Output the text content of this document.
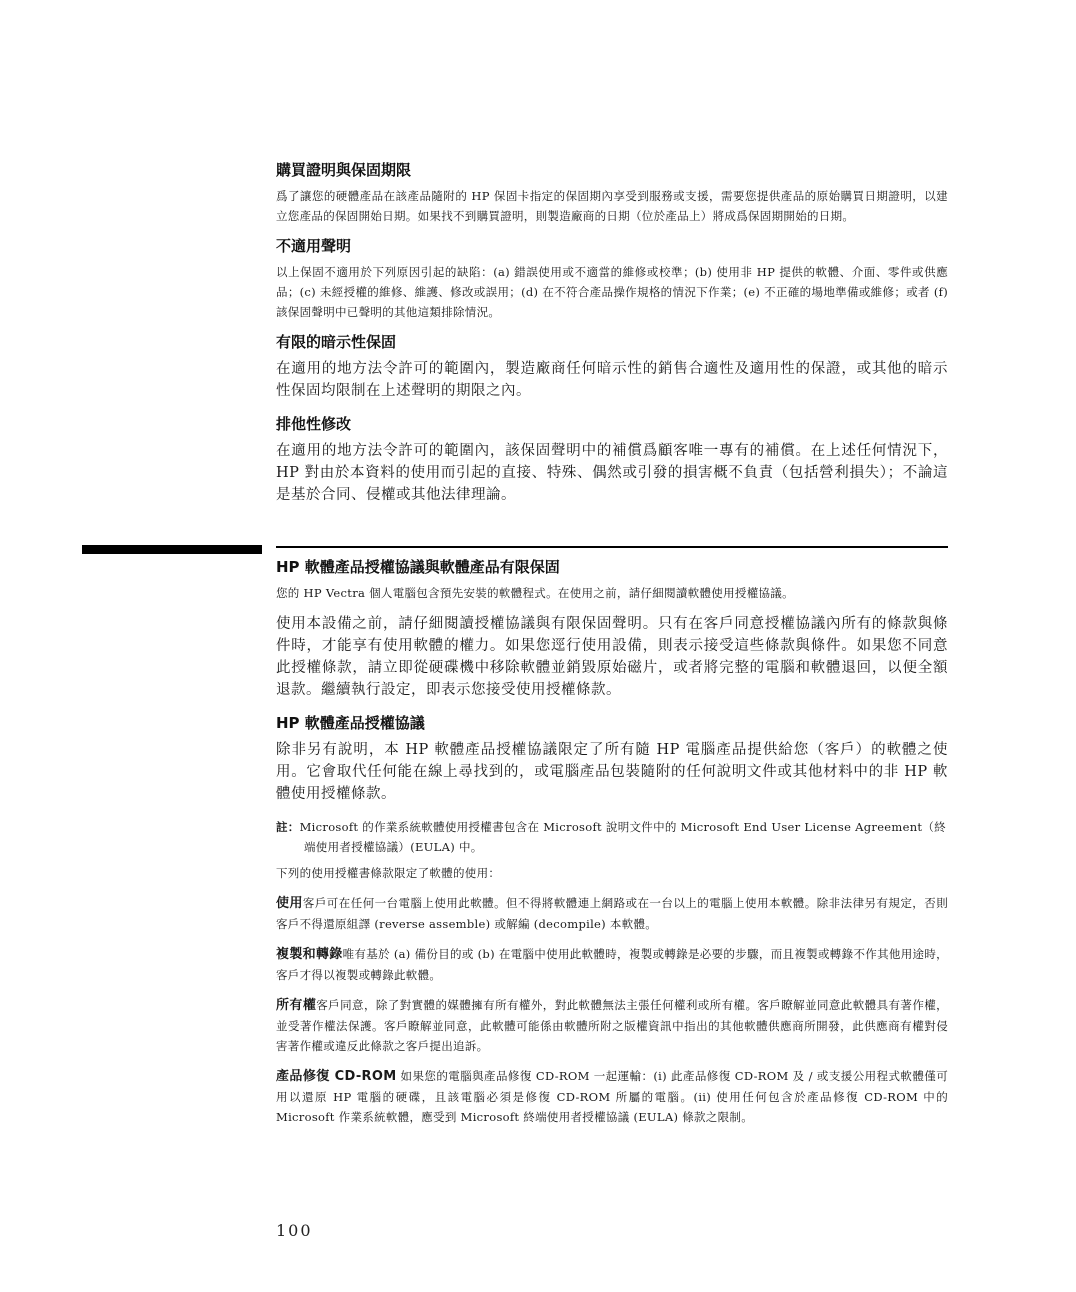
購買證明與保固期限

爲了讓您的硬體產品在該產品隨附的 HP 保固卡指定的保固期內享受到服務或支援，需要您提供產品的原始購買日期證明，以建立您產品的保固開始日期。如果找不到購買證明，則製造廠商的日期（位於產品上）將成爲保固期開始的日期。

不適用聲明

以上保固不適用於下列原因引起的缺陷：(a) 錯誤使用或不適當的維修或校準；(b) 使用非 HP 提供的軟體、介面、零件或供應品；(c) 未經授權的維修、維護、修改或誤用；(d) 在不符合產品操作規格的情況下作業；(e) 不正確的場地準備或維修；或者 (f) 該保固聲明中已聲明的其他這類排除情況。

有限的暗示性保固

在適用的地方法令許可的範圍內，製造廠商任何暗示性的銷售合適性及適用性的保證，或其他的暗示性保固均限制在上述聲明的期限之內。

排他性修改

在適用的地方法令許可的範圍內，該保固聲明中的補償爲顧客唯一專有的補償。在上述任何情況下，HP 對由於本資料的使用而引起的直接、特殊、偶然或引發的損害概不負責（包括營利損失）；不論這是基於合同、侵權或其他法律理論。

HP 軟體產品授權協議與軟體產品有限保固

您的 HP Vectra 個人電腦包含預先安裝的軟體程式。在使用之前，請仔細閱讀軟體使用授權協議。

使用本設備之前，請仔細閱讀授權協議與有限保固聲明。只有在客戶同意授權協議內所有的條款與條件時，才能享有使用軟體的權力。如果您逕行使用設備，則表示接受這些條款與條件。如果您不同意此授權條款，請立即從硬碟機中移除軟體並銷毀原始磁片，或者將完整的電腦和軟體退回，以便全額退款。繼續執行設定，即表示您接受使用授權條款。

HP 軟體產品授權協議

除非另有說明，本 HP 軟體產品授權協議限定了所有隨 HP 電腦產品提供給您（客戶）的軟體之使用。它會取代任何能在線上尋找到的，或電腦產品包裝隨附的任何說明文件或其他材料中的非 HP 軟體使用授權條款。

註：Microsoft 的作業系統軟體使用授權書包含在 Microsoft 說明文件中的 Microsoft End User License Agreement（終端使用者授權協議）(EULA) 中。

下列的使用授權書條款限定了軟體的使用：

使用客戶可在任何一台電腦上使用此軟體。但不得將軟體連上網路或在一台以上的電腦上使用本軟體。除非法律另有規定，否則客戶不得還原組譯 (reverse assemble) 或解編 (decompile) 本軟體。

複製和轉錄唯有基於 (a) 備份目的或 (b) 在電腦中使用此軟體時，複製或轉錄是必要的步驟，而且複製或轉錄不作其他用途時，客戶才得以複製或轉錄此軟體。

所有權客戶同意，除了對實體的媒體擁有所有權外，對此軟體無法主張任何權利或所有權。客戶瞭解並同意此軟體具有著作權，並受著作權法保護。客戶瞭解並同意，此軟體可能係由軟體所附之版權資訊中指出的其他軟體供應商所開發，此供應商有權對侵害著作權或違反此條款之客戶提出追訴。

產品修復 CD-ROM 如果您的電腦與產品修復 CD-ROM 一起運輸：(i) 此產品修復 CD-ROM 及 / 或支援公用程式軟體僅可用以還原 HP 電腦的硬碟，且該電腦必須是修復 CD-ROM 所屬的電腦。(ii) 使用任何包含於產品修復 CD-ROM 中的 Microsoft 作業系統軟體，應受到 Microsoft 終端使用者授權協議 (EULA) 條款之限制。

100
